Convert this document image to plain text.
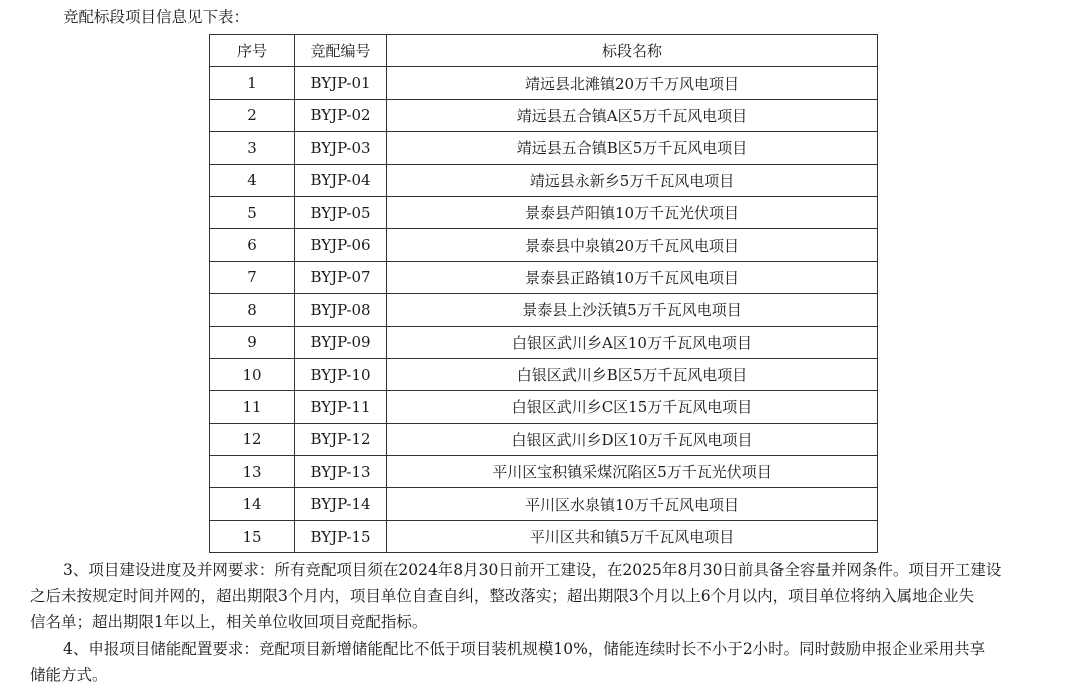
竞配标段项目信息见下表：
序号	竞配编号	标段名称
1	BYJP-01	靖远县北滩镇20万千万风电项目
2	BYJP-02	靖远县五合镇A区5万千瓦风电项目
3	BYJP-03	靖远县五合镇B区5万千瓦风电项目
4	BYJP-04	靖远县永新乡5万千瓦风电项目
5	BYJP-05	景泰县芦阳镇10万千瓦光伏项目
6	BYJP-06	景泰县中泉镇20万千瓦风电项目
7	BYJP-07	景泰县正路镇10万千瓦风电项目
8	BYJP-08	景泰县上沙沃镇5万千瓦风电项目
9	BYJP-09	白银区武川乡A区10万千瓦风电项目
10	BYJP-10	白银区武川乡B区5万千瓦风电项目
11	BYJP-11	白银区武川乡C区15万千瓦风电项目
12	BYJP-12	白银区武川乡D区10万千瓦风电项目
13	BYJP-13	平川区宝积镇采煤沉陷区5万千瓦光伏项目
14	BYJP-14	平川区水泉镇10万千瓦风电项目
15	BYJP-15	平川区共和镇5万千瓦风电项目
3、项目建设进度及并网要求：所有竞配项目须在2024年8月30日前开工建设，在2025年8月30日前具备全容量并网条件。项目开工建设
之后未按规定时间并网的，超出期限3个月内，项目单位自查自纠，整改落实；超出期限3个月以上6个月以内，项目单位将纳入属地企业失
信名单；超出期限1年以上，相关单位收回项目竞配指标。
4、申报项目储能配置要求：竞配项目新增储能配比不低于项目装机规模10%，储能连续时长不小于2小时。同时鼓励申报企业采用共享
储能方式。
